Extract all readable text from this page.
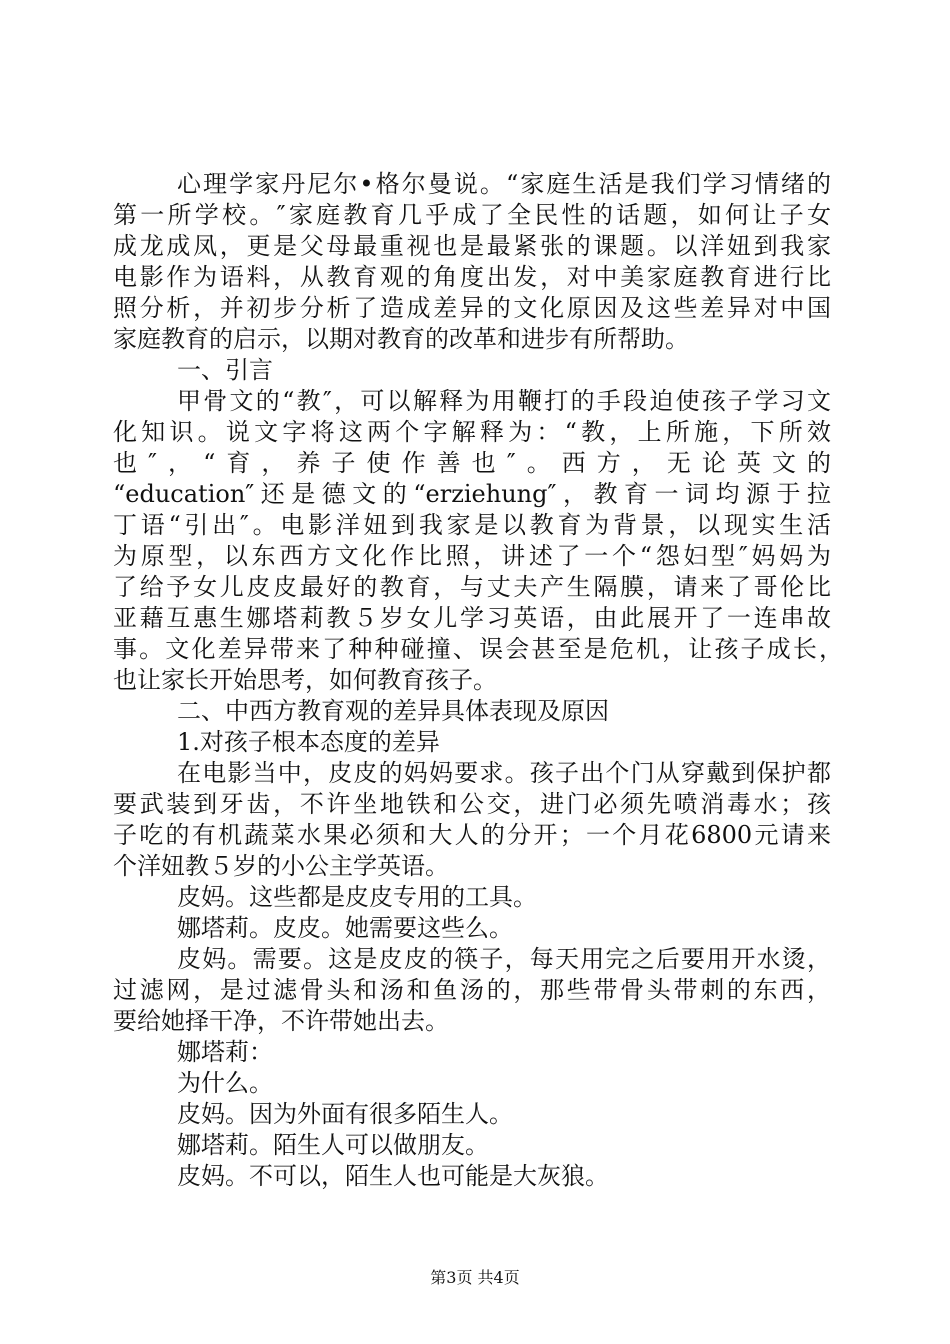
心理学家丹尼尔•格尔曼说。“家庭生活是我们学习情绪的
第一所学校。″家庭教育几乎成了全民性的话题，如何让子女
成龙成凤，更是父母最重视也是最紧张的课题。以洋妞到我家
电影作为语料，从教育观的角度出发，对中美家庭教育进行比
照分析，并初步分析了造成差异的文化原因及这些差异对中国
家庭教育的启示，以期对教育的改革和进步有所帮助。
一、引言
甲骨文的“教″，可以解释为用鞭打的手段迫使孩子学习文
化知识。说文字将这两个字解释为：“教，上所施，下所效
也″，“育，养子使作善也″。西方，无论英文的
“education″还是德文的“erziehung″，教育一词均源于拉
丁语“引出″。电影洋妞到我家是以教育为背景，以现实生活
为原型，以东西方文化作比照，讲述了一个“怨妇型″妈妈为
了给予女儿皮皮最好的教育，与丈夫产生隔膜，请来了哥伦比
亚藉互惠生娜塔莉教５岁女儿学习英语，由此展开了一连串故
事。文化差异带来了种种碰撞、误会甚至是危机，让孩子成长，
也让家长开始思考，如何教育孩子。
二、中西方教育观的差异具体表现及原因
1.对孩子根本态度的差异
在电影当中，皮皮的妈妈要求。孩子出个门从穿戴到保护都
要武装到牙齿，不许坐地铁和公交，进门必须先喷消毒水；孩
子吃的有机蔬菜水果必须和大人的分开；一个月花6800元请来
个洋妞教５岁的小公主学英语。
皮妈。这些都是皮皮专用的工具。
娜塔莉。皮皮。她需要这些么。
皮妈。需要。这是皮皮的筷子，每天用完之后要用开水烫，
过滤网，是过滤骨头和汤和鱼汤的，那些带骨头带刺的东西，
要给她择干净，不许带她出去。
娜塔莉：
为什么。
皮妈。因为外面有很多陌生人。
娜塔莉。陌生人可以做朋友。
皮妈。不可以，陌生人也可能是大灰狼。
第3页 共4页
